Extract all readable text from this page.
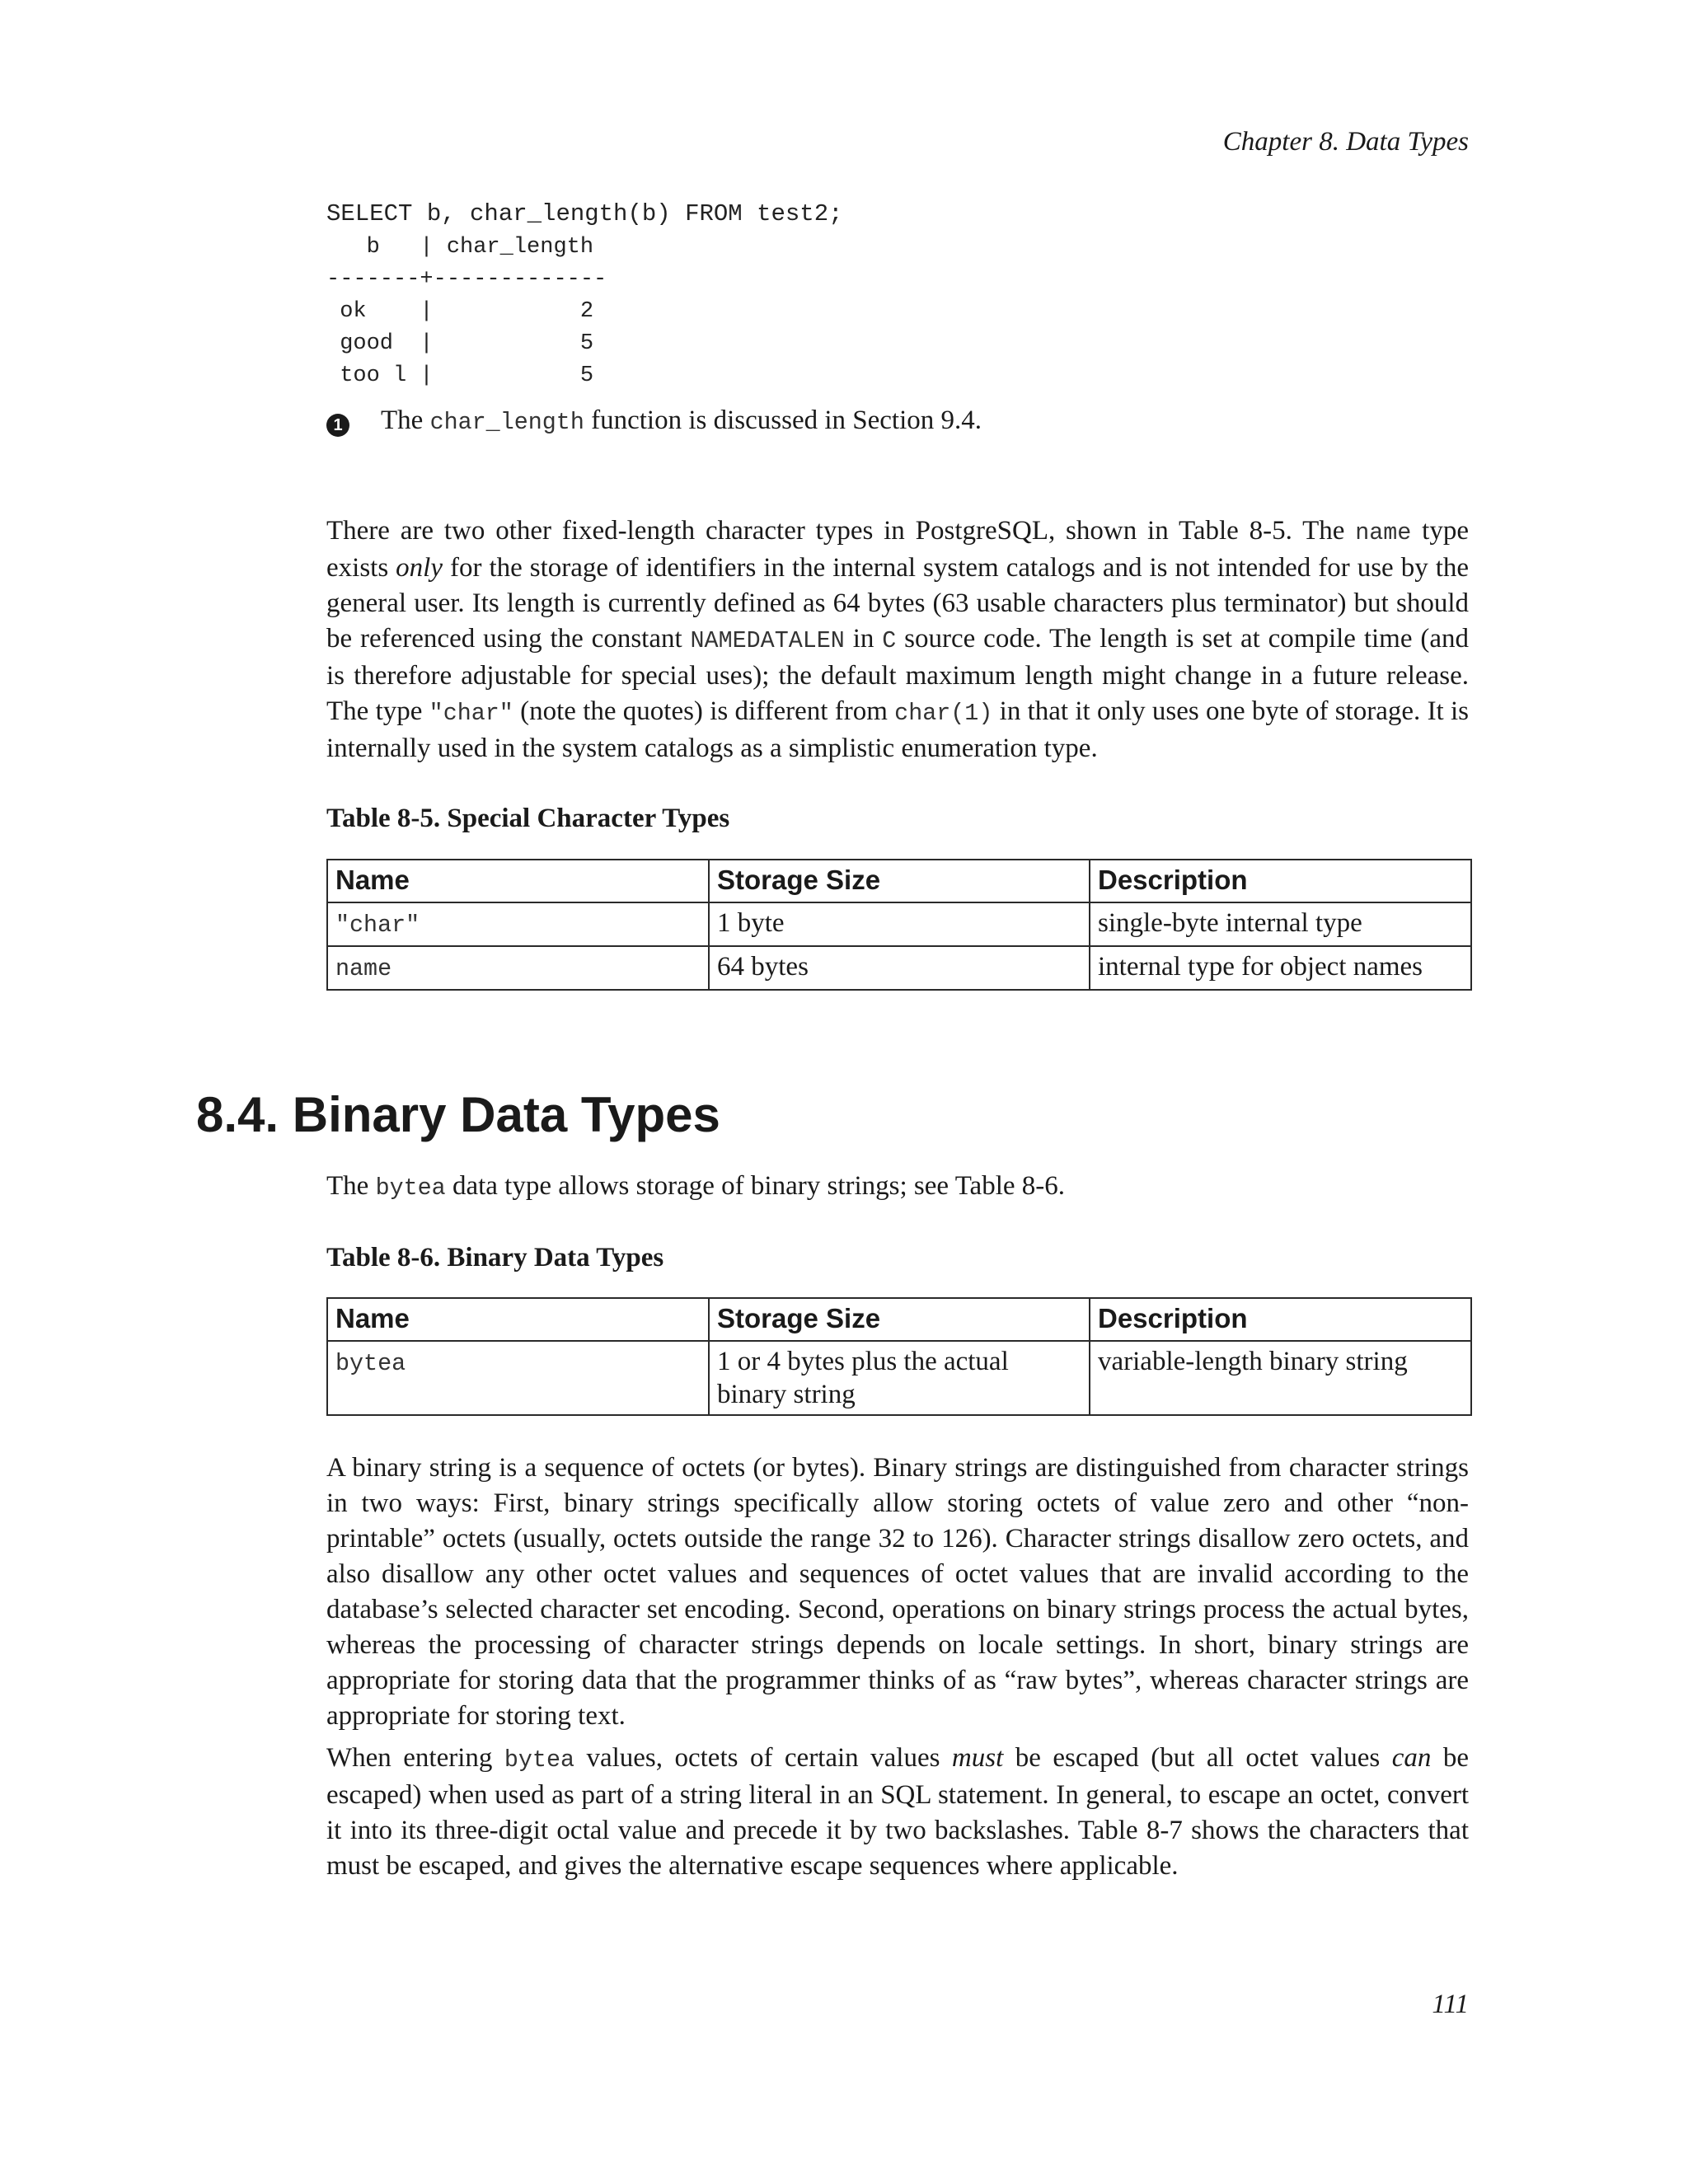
Chapter 8. Data Types
SELECT b, char_length(b) FROM test2;
b   | char_length
-------+-------------
ok    |           2
good  |           5
too l |           5
1 The char_length function is discussed in Section 9.4.

There are two other fixed-length character types in PostgreSQL, shown in Table 8-5. The name type exists only for the storage of identifiers in the internal system catalogs and is not intended for use by the general user. Its length is currently defined as 64 bytes (63 usable characters plus terminator) but should be referenced using the constant NAMEDATALEN in C source code. The length is set at compile time (and is therefore adjustable for special uses); the default maximum length might change in a future release. The type "char" (note the quotes) is different from char(1) in that it only uses one byte of storage. It is internally used in the system catalogs as a simplistic enumeration type.

Table 8-5. Special Character Types
Name	Storage Size	Description
"char"	1 byte	single-byte internal type
name	64 bytes	internal type for object names
8.4. Binary Data Types

The bytea data type allows storage of binary strings; see Table 8-6.

Table 8-6. Binary Data Types
Name	Storage Size	Description
bytea	1 or 4 bytes plus the actual binary string	variable-length binary string

A binary string is a sequence of octets (or bytes). Binary strings are distinguished from character strings in two ways: First, binary strings specifically allow storing octets of value zero and other “non-printable” octets (usually, octets outside the range 32 to 126). Character strings disallow zero octets, and also disallow any other octet values and sequences of octet values that are invalid according to the database’s selected character set encoding. Second, operations on binary strings process the actual bytes, whereas the processing of character strings depends on locale settings. In short, binary strings are appropriate for storing data that the programmer thinks of as “raw bytes”, whereas character strings are appropriate for storing text.

When entering bytea values, octets of certain values must be escaped (but all octet values can be escaped) when used as part of a string literal in an SQL statement. In general, to escape an octet, convert it into its three-digit octal value and precede it by two backslashes. Table 8-7 shows the characters that must be escaped, and gives the alternative escape sequences where applicable.

111
